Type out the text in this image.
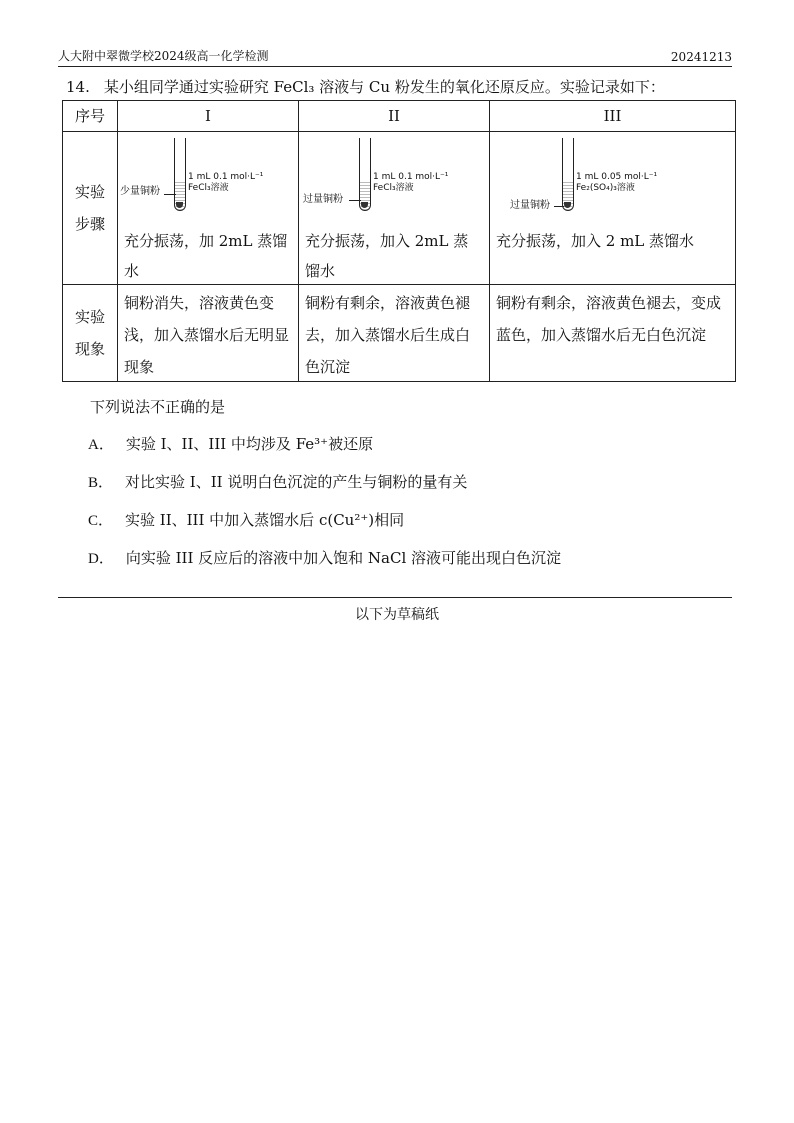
人大附中翠微学校2024级高一化学检测	20241213
14. 某小组同学通过实验研究 FeCl₃ 溶液与 Cu 粉发生的氧化还原反应。实验记录如下：
序号	I	II	III
实验步骤	少量铜粉
1 mL 0.1 mol·L⁻¹
FeCl₃溶液
充分振荡，加 2mL 蒸馏水	过量铜粉
1 mL 0.1 mol·L⁻¹
FeCl₃溶液
充分振荡，加入 2mL 蒸馏水	过量铜粉
1 mL 0.05 mol·L⁻¹
Fe₂(SO₄)₃溶液
充分振荡，加入 2 mL 蒸馏水

实验现象	铜粉消失，溶液黄色变浅，加入蒸馏水后无明显现象	铜粉有剩余，溶液黄色褪去，加入蒸馏水后生成白色沉淀	铜粉有剩余，溶液黄色褪去，变成蓝色，加入蒸馏水后无白色沉淀
下列说法不正确的是
A． 实验 I、II、III 中均涉及 Fe³⁺被还原
B． 对比实验 I、II 说明白色沉淀的产生与铜粉的量有关
C． 实验 II、III 中加入蒸馏水后 c(Cu²⁺)相同
D． 向实验 III 反应后的溶液中加入饱和 NaCl 溶液可能出现白色沉淀
以下为草稿纸
